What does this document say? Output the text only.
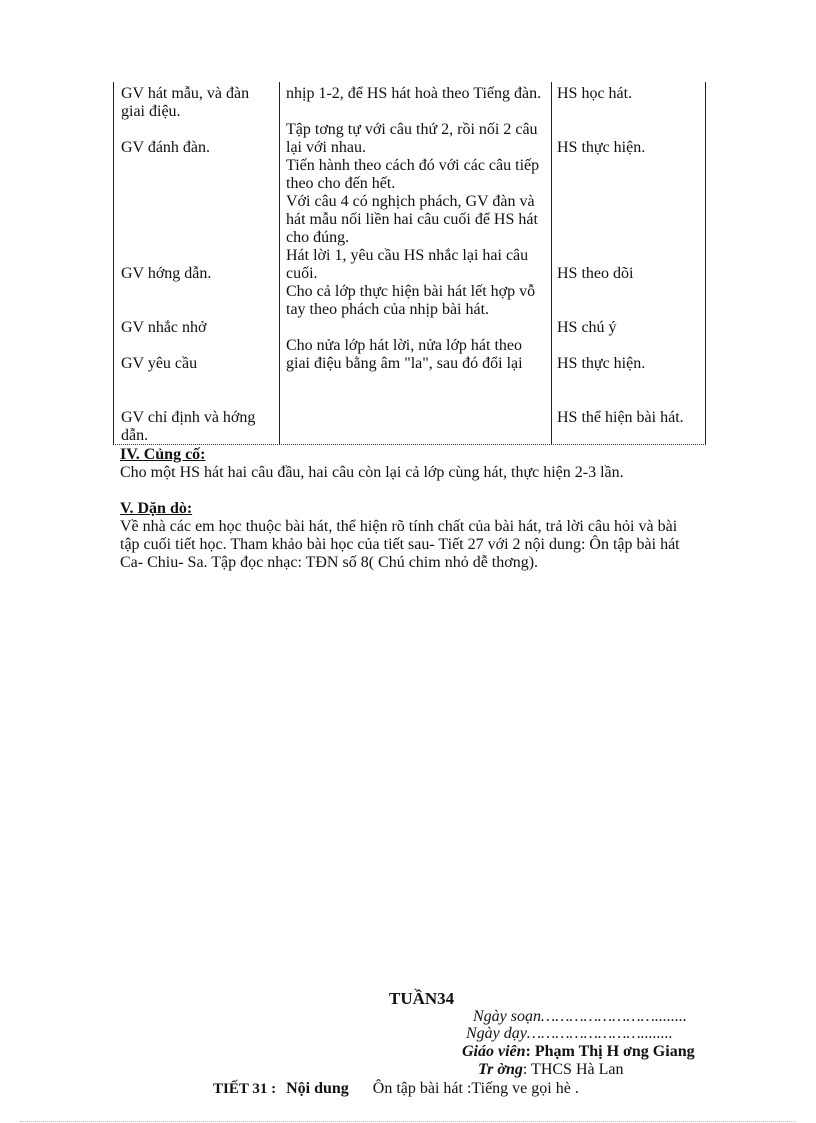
GV hát mẫu, và đàn giai điệu.
GV đánh đàn.
GV hớng dẫn.
GV nhắc nhở
GV yêu cầu
GV chỉ định và hớng dẫn.
nhịp 1-2, để HS hát hoà theo Tiếng đàn.
Tập tơng tự với câu thứ 2, rồi nối 2 câu lại với nhau.
Tiến hành theo cách đó với các câu tiếp theo cho đến hết.
Với câu 4 có nghịch phách, GV đàn và hát mẫu nối liền hai câu cuối để HS hát cho đúng.
Hát lời 1, yêu cầu HS nhắc lại hai câu cuối.
Cho cả lớp thực hiện bài hát lết hợp vỗ tay theo phách của nhịp bài hát.
Cho nửa lớp hát lời, nửa lớp hát theo giai điệu bằng âm "la", sau đó đổi lại
HS học hát.
HS thực hiện.
HS theo dõi
HS chú ý
HS thực hiện.
HS thể hiện bài hát.
IV. Củng cố:
Cho một HS hát hai câu đầu, hai câu còn lại cả lớp cùng hát, thực hiện 2-3 lần.
V. Dặn dò:
Về nhà các em học thuộc bài hát, thể hiện rõ tính chất của bài hát, trả lời câu hỏi và bài tập cuối tiết học. Tham khảo bài học của tiết sau- Tiết 27 với 2 nội dung: Ôn tập bài hát Ca- Chiu- Sa. Tập đọc nhạc: TĐN số 8( Chú chim nhỏ dễ thơng).
TUẦN34
Ngày soạn……………………........
Ngày dạy……………………........
Giáo viên: Phạm Thị H ơng Giang
Tr ờng: THCS Hà Lan
TIẾT 31 : Nội dung Ôn tập bài hát :Tiếng ve gọi hè .
